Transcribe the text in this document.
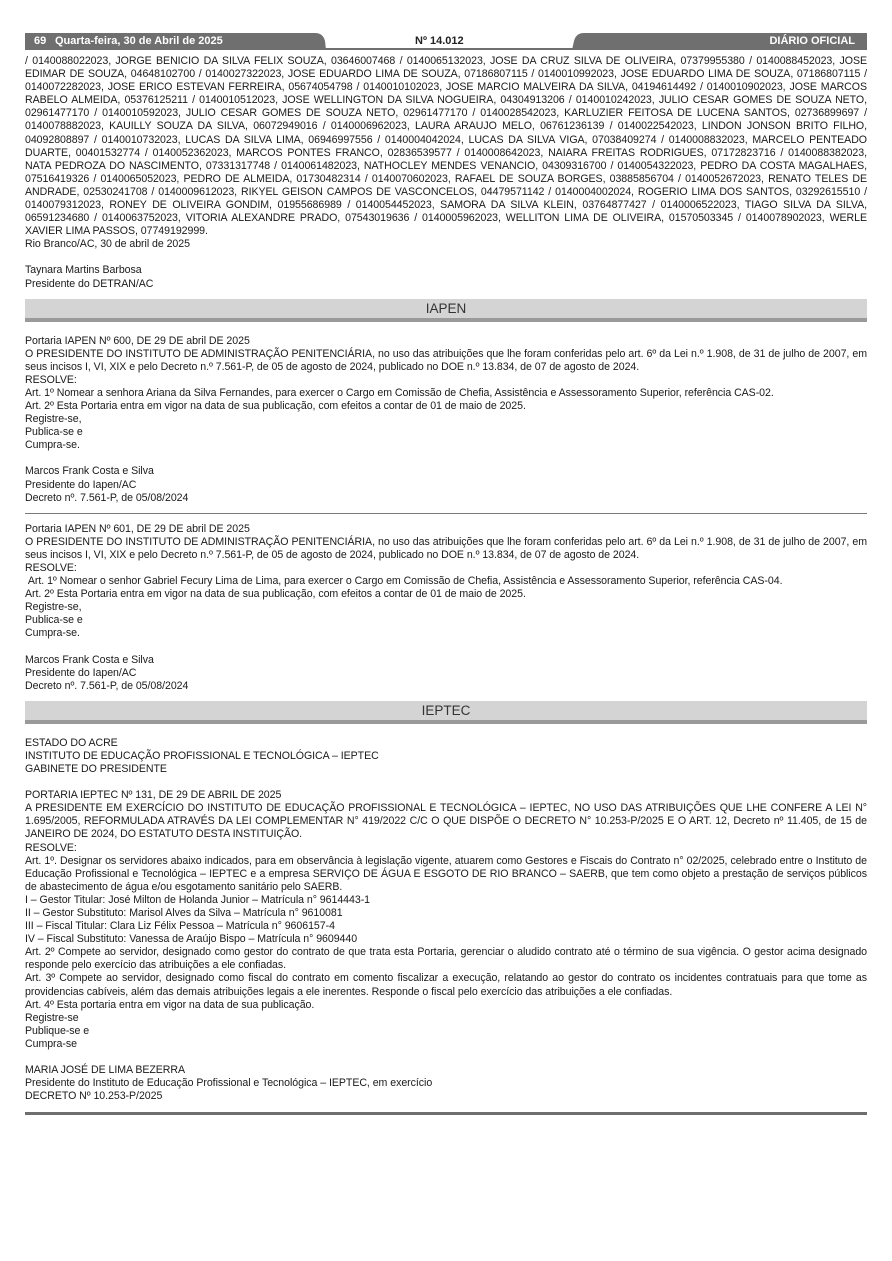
69 Quarta-feira, 30 de Abril de 2025	Nº 14.012	DIÁRIO OFICIAL

/ 0140088022023, JORGE BENICIO DA SILVA FELIX SOUZA, 03646007468 / 0140065132023, JOSE DA CRUZ SILVA DE OLIVEIRA, 07379955380 / 0140088452023, JOSE EDIMAR DE SOUZA, 04648102700 / 0140027322023, JOSE EDUARDO LIMA DE SOUZA, 07186807115 / 0140010992023, JOSE EDUARDO LIMA DE SOUZA, 07186807115 / 0140072282023, JOSE ERICO ESTEVAN FERREIRA, 05674054798 / 0140010102023, JOSE MARCIO MALVEIRA DA SILVA, 04194614492 / 0140010902023, JOSE MARCOS RABELO ALMEIDA, 05376125211 / 0140010512023, JOSE WELLINGTON DA SILVA NOGUEIRA, 04304913206 / 0140010242023, JULIO CESAR GOMES DE SOUZA NETO, 02961477170 / 0140010592023, JULIO CESAR GOMES DE SOUZA NETO, 02961477170 / 0140028542023, KARLUZIER FEITOSA DE LUCENA SANTOS, 02736899697 / 0140078882023, KAUILLY SOUZA DA SILVA, 06072949016 / 0140006962023, LAURA ARAUJO MELO, 06761236139 / 0140022542023, LINDON JONSON BRITO FILHO, 04092808897 / 0140010732023, LUCAS DA SILVA LIMA, 06946997556 / 0140004042024, LUCAS DA SILVA VIGA, 07038409274 / 0140008832023, MARCELO PENTEADO DUARTE, 00401532774 / 0140052362023, MARCOS PONTES FRANCO, 02836539577 / 0140008642023, NAIARA FREITAS RODRIGUES, 07172823716 / 0140088382023, NATA PEDROZA DO NASCIMENTO, 07331317748 / 0140061482023, NATHOCLEY MENDES VENANCIO, 04309316700 / 0140054322023, PEDRO DA COSTA MAGALHAES, 07516419326 / 0140065052023, PEDRO DE ALMEIDA, 01730482314 / 0140070602023, RAFAEL DE SOUZA BORGES, 03885856704 / 0140052672023, RENATO TELES DE ANDRADE, 02530241708 / 0140009612023, RIKYEL GEISON CAMPOS DE VASCONCELOS, 04479571142 / 0140004002024, ROGERIO LIMA DOS SANTOS, 03292615510 / 0140079312023, RONEY DE OLIVEIRA GONDIM, 01955686989 / 0140054452023, SAMORA DA SILVA KLEIN, 03764877427 / 0140006522023, TIAGO SILVA DA SILVA, 06591234680 / 0140063752023, VITORIA ALEXANDRE PRADO, 07543019636 / 0140005962023, WELLITON LIMA DE OLIVEIRA, 01570503345 / 0140078902023, WERLE XAVIER LIMA PASSOS, 07749192999.

Rio Branco/AC, 30 de abril de 2025

Taynara Martins Barbosa

Presidente do DETRAN/AC

IAPEN

Portaria IAPEN Nº 600, DE 29 DE abril DE 2025

O PRESIDENTE DO INSTITUTO DE ADMINISTRAÇÃO PENITENCIÁRIA, no uso das atribuições que lhe foram conferidas pelo art. 6º da Lei n.º 1.908, de 31 de julho de 2007, em seus incisos I, VI, XIX e pelo Decreto n.º 7.561-P, de 05 de agosto de 2024, publicado no DOE n.º 13.834, de 07 de agosto de 2024.

RESOLVE:

Art. 1º Nomear a senhora Ariana da Silva Fernandes, para exercer o Cargo em Comissão de Chefia, Assistência e Assessoramento Superior, referência CAS-02.

Art. 2º Esta Portaria entra em vigor na data de sua publicação, com efeitos a contar de 01 de maio de 2025.

Registre-se,

Publica-se e

Cumpra-se.

Marcos Frank Costa e Silva

Presidente do Iapen/AC

Decreto nº. 7.561-P, de 05/08/2024

Portaria IAPEN Nº 601, DE 29 DE abril DE 2025

O PRESIDENTE DO INSTITUTO DE ADMINISTRAÇÃO PENITENCIÁRIA, no uso das atribuições que lhe foram conferidas pelo art. 6º da Lei n.º 1.908, de 31 de julho de 2007, em seus incisos I, VI, XIX e pelo Decreto n.º 7.561-P, de 05 de agosto de 2024, publicado no DOE n.º 13.834, de 07 de agosto de 2024.

RESOLVE:

Art. 1º Nomear o senhor Gabriel Fecury Lima de Lima, para exercer o Cargo em Comissão de Chefia, Assistência e Assessoramento Superior, referência CAS-04.

Art. 2º Esta Portaria entra em vigor na data de sua publicação, com efeitos a contar de 01 de maio de 2025.

Registre-se,

Publica-se e

Cumpra-se.

Marcos Frank Costa e Silva

Presidente do Iapen/AC

Decreto nº. 7.561-P, de 05/08/2024

IEPTEC

ESTADO DO ACRE

INSTITUTO DE EDUCAÇÃO PROFISSIONAL E TECNOLÓGICA – IEPTEC

GABINETE DO PRESIDENTE

PORTARIA IEPTEC Nº 131, DE 29 DE ABRIL DE 2025

A PRESIDENTE EM EXERCÍCIO DO INSTITUTO DE EDUCAÇÃO PROFISSIONAL E TECNOLÓGICA – IEPTEC, NO USO DAS ATRIBUIÇÕES QUE LHE CONFERE A LEI N° 1.695/2005, REFORMULADA ATRAVÉS DA LEI COMPLEMENTAR N° 419/2022 C/C O QUE DISPÕE O DECRETO N° 10.253-P/2025 E O ART. 12, Decreto nº 11.405, de 15 de JANEIRO DE 2024, DO ESTATUTO DESTA INSTITUIÇÃO.

RESOLVE:

Art. 1º. Designar os servidores abaixo indicados, para em observância à legislação vigente, atuarem como Gestores e Fiscais do Contrato n° 02/2025, celebrado entre o Instituto de Educação Profissional e Tecnológica – IEPTEC e a empresa SERVIÇO DE ÁGUA E ESGOTO DE RIO BRANCO – SAERB, que tem como objeto a prestação de serviços públicos de abastecimento de água e/ou esgotamento sanitário pelo SAERB.

I – Gestor Titular: José Milton de Holanda Junior – Matrícula n° 9614443-1

II – Gestor Substituto: Marisol Alves da Silva – Matrícula n° 9610081

III – Fiscal Titular: Clara Liz Félix Pessoa – Matrícula n° 9606157-4

IV – Fiscal Substituto: Vanessa de Araújo Bispo – Matrícula n° 9609440

Art. 2º Compete ao servidor, designado como gestor do contrato de que trata esta Portaria, gerenciar o aludido contrato até o término de sua vigência. O gestor acima designado responde pelo exercício das atribuições a ele confiadas.

Art. 3º Compete ao servidor, designado como fiscal do contrato em comento fiscalizar a execução, relatando ao gestor do contrato os incidentes contratuais para que tome as providencias cabíveis, além das demais atribuições legais a ele inerentes. Responde o fiscal pelo exercício das atribuições a ele confiadas.

Art. 4º Esta portaria entra em vigor na data de sua publicação.

Registre-se

Publique-se e

Cumpra-se

MARIA JOSÉ DE LIMA BEZERRA

Presidente do Instituto de Educação Profissional e Tecnológica – IEPTEC, em exercício

DECRETO Nº 10.253-P/2025
